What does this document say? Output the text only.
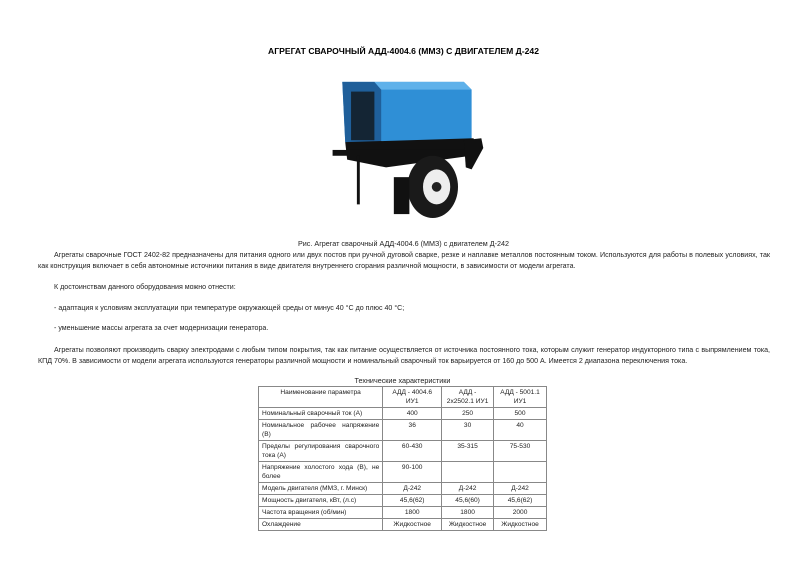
АГРЕГАТ СВАРОЧНЫЙ АДД-4004.6 (ММЗ) С ДВИГАТЕЛЕМ Д-242
Рис. Агрегат сварочный АДД-4004.6 (ММЗ) с двигателем Д-242
Агрегаты сварочные ГОСТ 2402-82 предназначены для питания одного или двух постов при ручной дуговой сварке, резке и наплавке металлов постоянным током. Используются для работы в полевых условиях, так как конструкция включает в себя автономные источники питания в виде двигателя внутреннего сгорания различной мощности, в зависимости от модели агрегата.
К достоинствам данного оборудования можно отнести:
- адаптация к условиям эксплуатации при температуре окружающей среды от минус 40 °С до плюс 40 °С;
- уменьшение массы агрегата за счет модернизации генератора.
Агрегаты позволяют производить сварку электродами с любым типом покрытия, так как питание осуществляется от источника постоянного тока, которым служит генератор индукторного типа с выпрямлением тока, КПД 70%. В зависимости от модели агрегата используются генераторы различной мощности и номинальный сварочный ток варьируется от 160 до 500 А. Имеется 2 диапазона переключения тока.
Технические характеристики
Наименование параметра	АДД - 4004.6 ИУ1	АДД - 2х2502.1 ИУ1	АДД - 5001.1 ИУ1
Номинальный сварочный ток (А)	400	250	500
Номинальное рабочее напряжение (В)	36	30	40
Пределы регулирования сварочного тока (А)	60-430	35-315	75-530
Напряжение холостого хода (В), не более	90-100		
Модель двигателя (ММЗ, г. Минск)	Д-242	Д-242	Д-242
Мощность двигателя, кВт, (л.с)	45,6(62)	45,6(60)	45,6(62)
Частота вращения (об/мин)	1800	1800	2000
Охлаждение	Жидкостное	Жидкостное	Жидкостное
